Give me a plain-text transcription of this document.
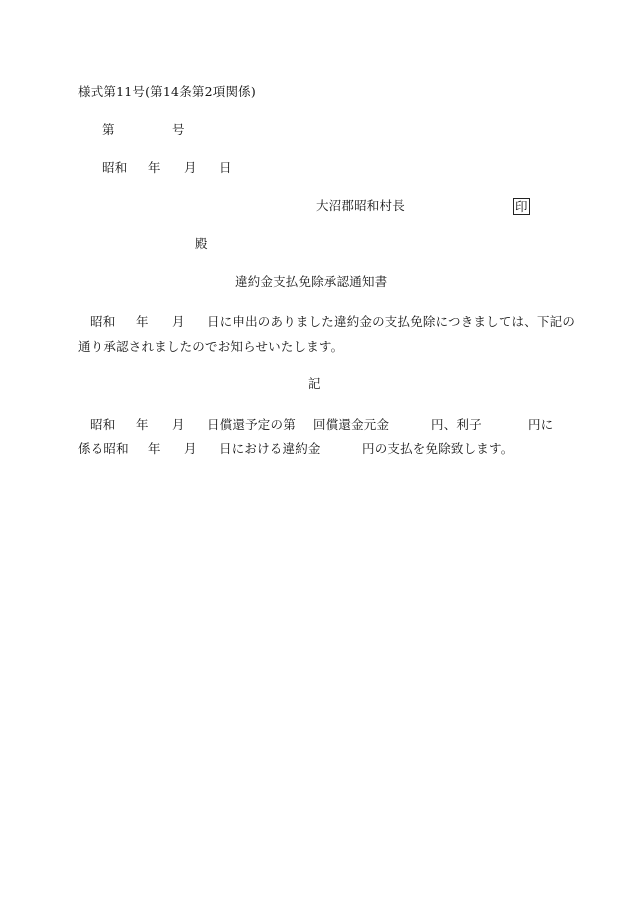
様式第11号(第14条第2項関係)
第	号
昭和 年 月 日
大沼郡昭和村長	印
殿
違約金支払免除承認通知書
昭和 年 月 日に申出のありました違約金の支払免除につきましては、下記の
通り承認されましたのでお知らせいたします。
記
昭和 年 月 日償還予定の第 回償還金元金	円、利子	円に
係る昭和 年 月 日における違約金	円の支払を免除致します。
